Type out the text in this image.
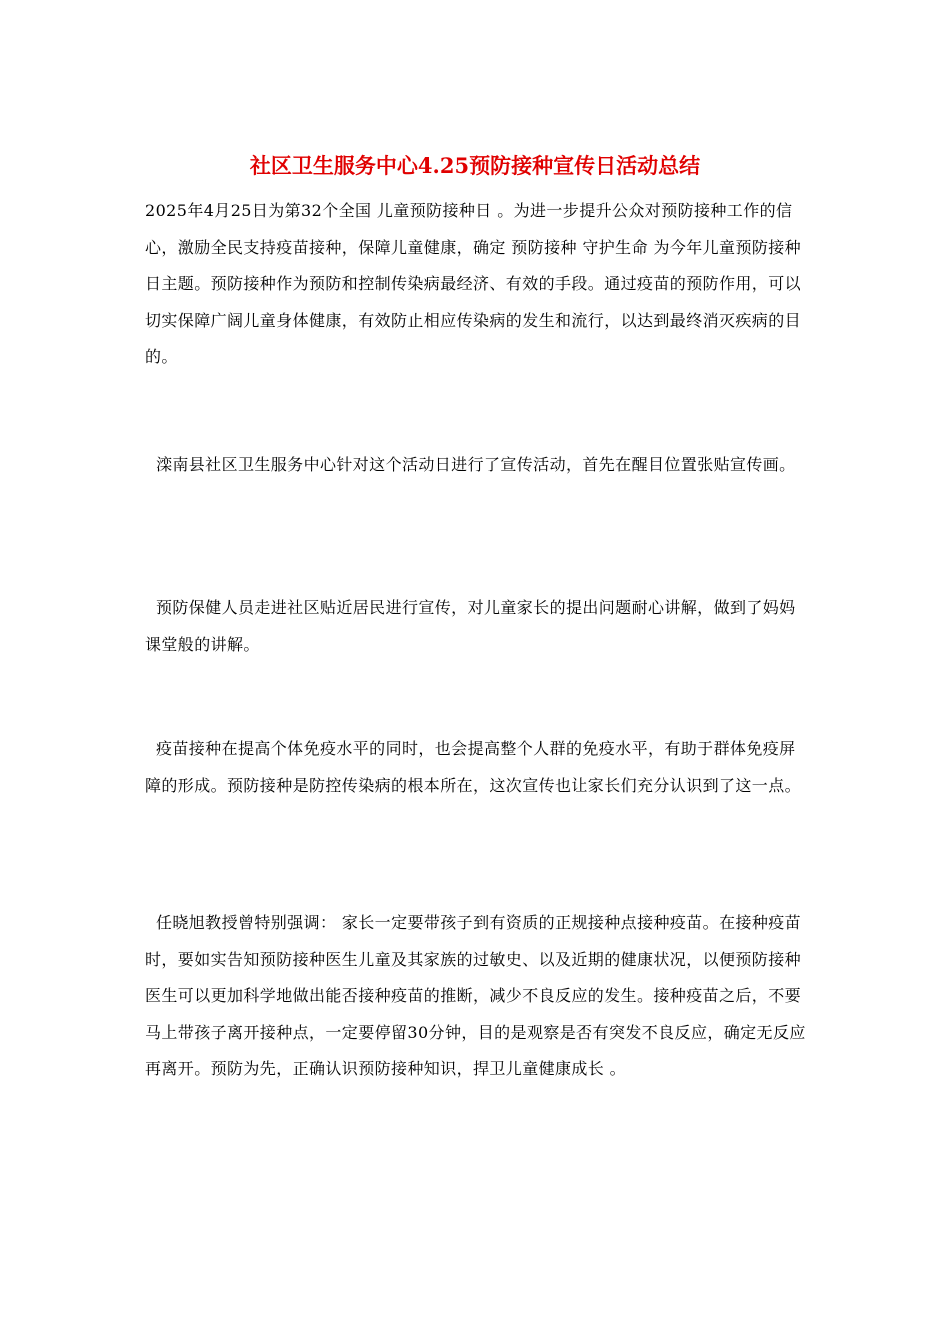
社区卫生服务中心4.25预防接种宣传日活动总结

2025年4月25日为第32个全国 儿童预防接种日 。为进一步提升公众对预防接种工作的信心，激励全民支持疫苗接种，保障儿童健康，确定 预防接种 守护生命 为今年儿童预防接种日主题。预防接种作为预防和控制传染病最经济、有效的手段。通过疫苗的预防作用，可以切实保障广阔儿童身体健康，有效防止相应传染病的发生和流行，以达到最终消灭疾病的目的。

滦南县社区卫生服务中心针对这个活动日进行了宣传活动，首先在醒目位置张贴宣传画。

预防保健人员走进社区贴近居民进行宣传，对儿童家长的提出问题耐心讲解，做到了妈妈课堂般的讲解。

疫苗接种在提高个体免疫水平的同时，也会提高整个人群的免疫水平，有助于群体免疫屏障的形成。预防接种是防控传染病的根本所在，这次宣传也让家长们充分认识到了这一点。

任晓旭教授曾特别强调： 家长一定要带孩子到有资质的正规接种点接种疫苗。在接种疫苗时，要如实告知预防接种医生儿童及其家族的过敏史、以及近期的健康状况，以便预防接种医生可以更加科学地做出能否接种疫苗的推断，减少不良反应的发生。接种疫苗之后，不要马上带孩子离开接种点，一定要停留30分钟，目的是观察是否有突发不良反应，确定无反应再离开。预防为先，正确认识预防接种知识，捍卫儿童健康成长 。
